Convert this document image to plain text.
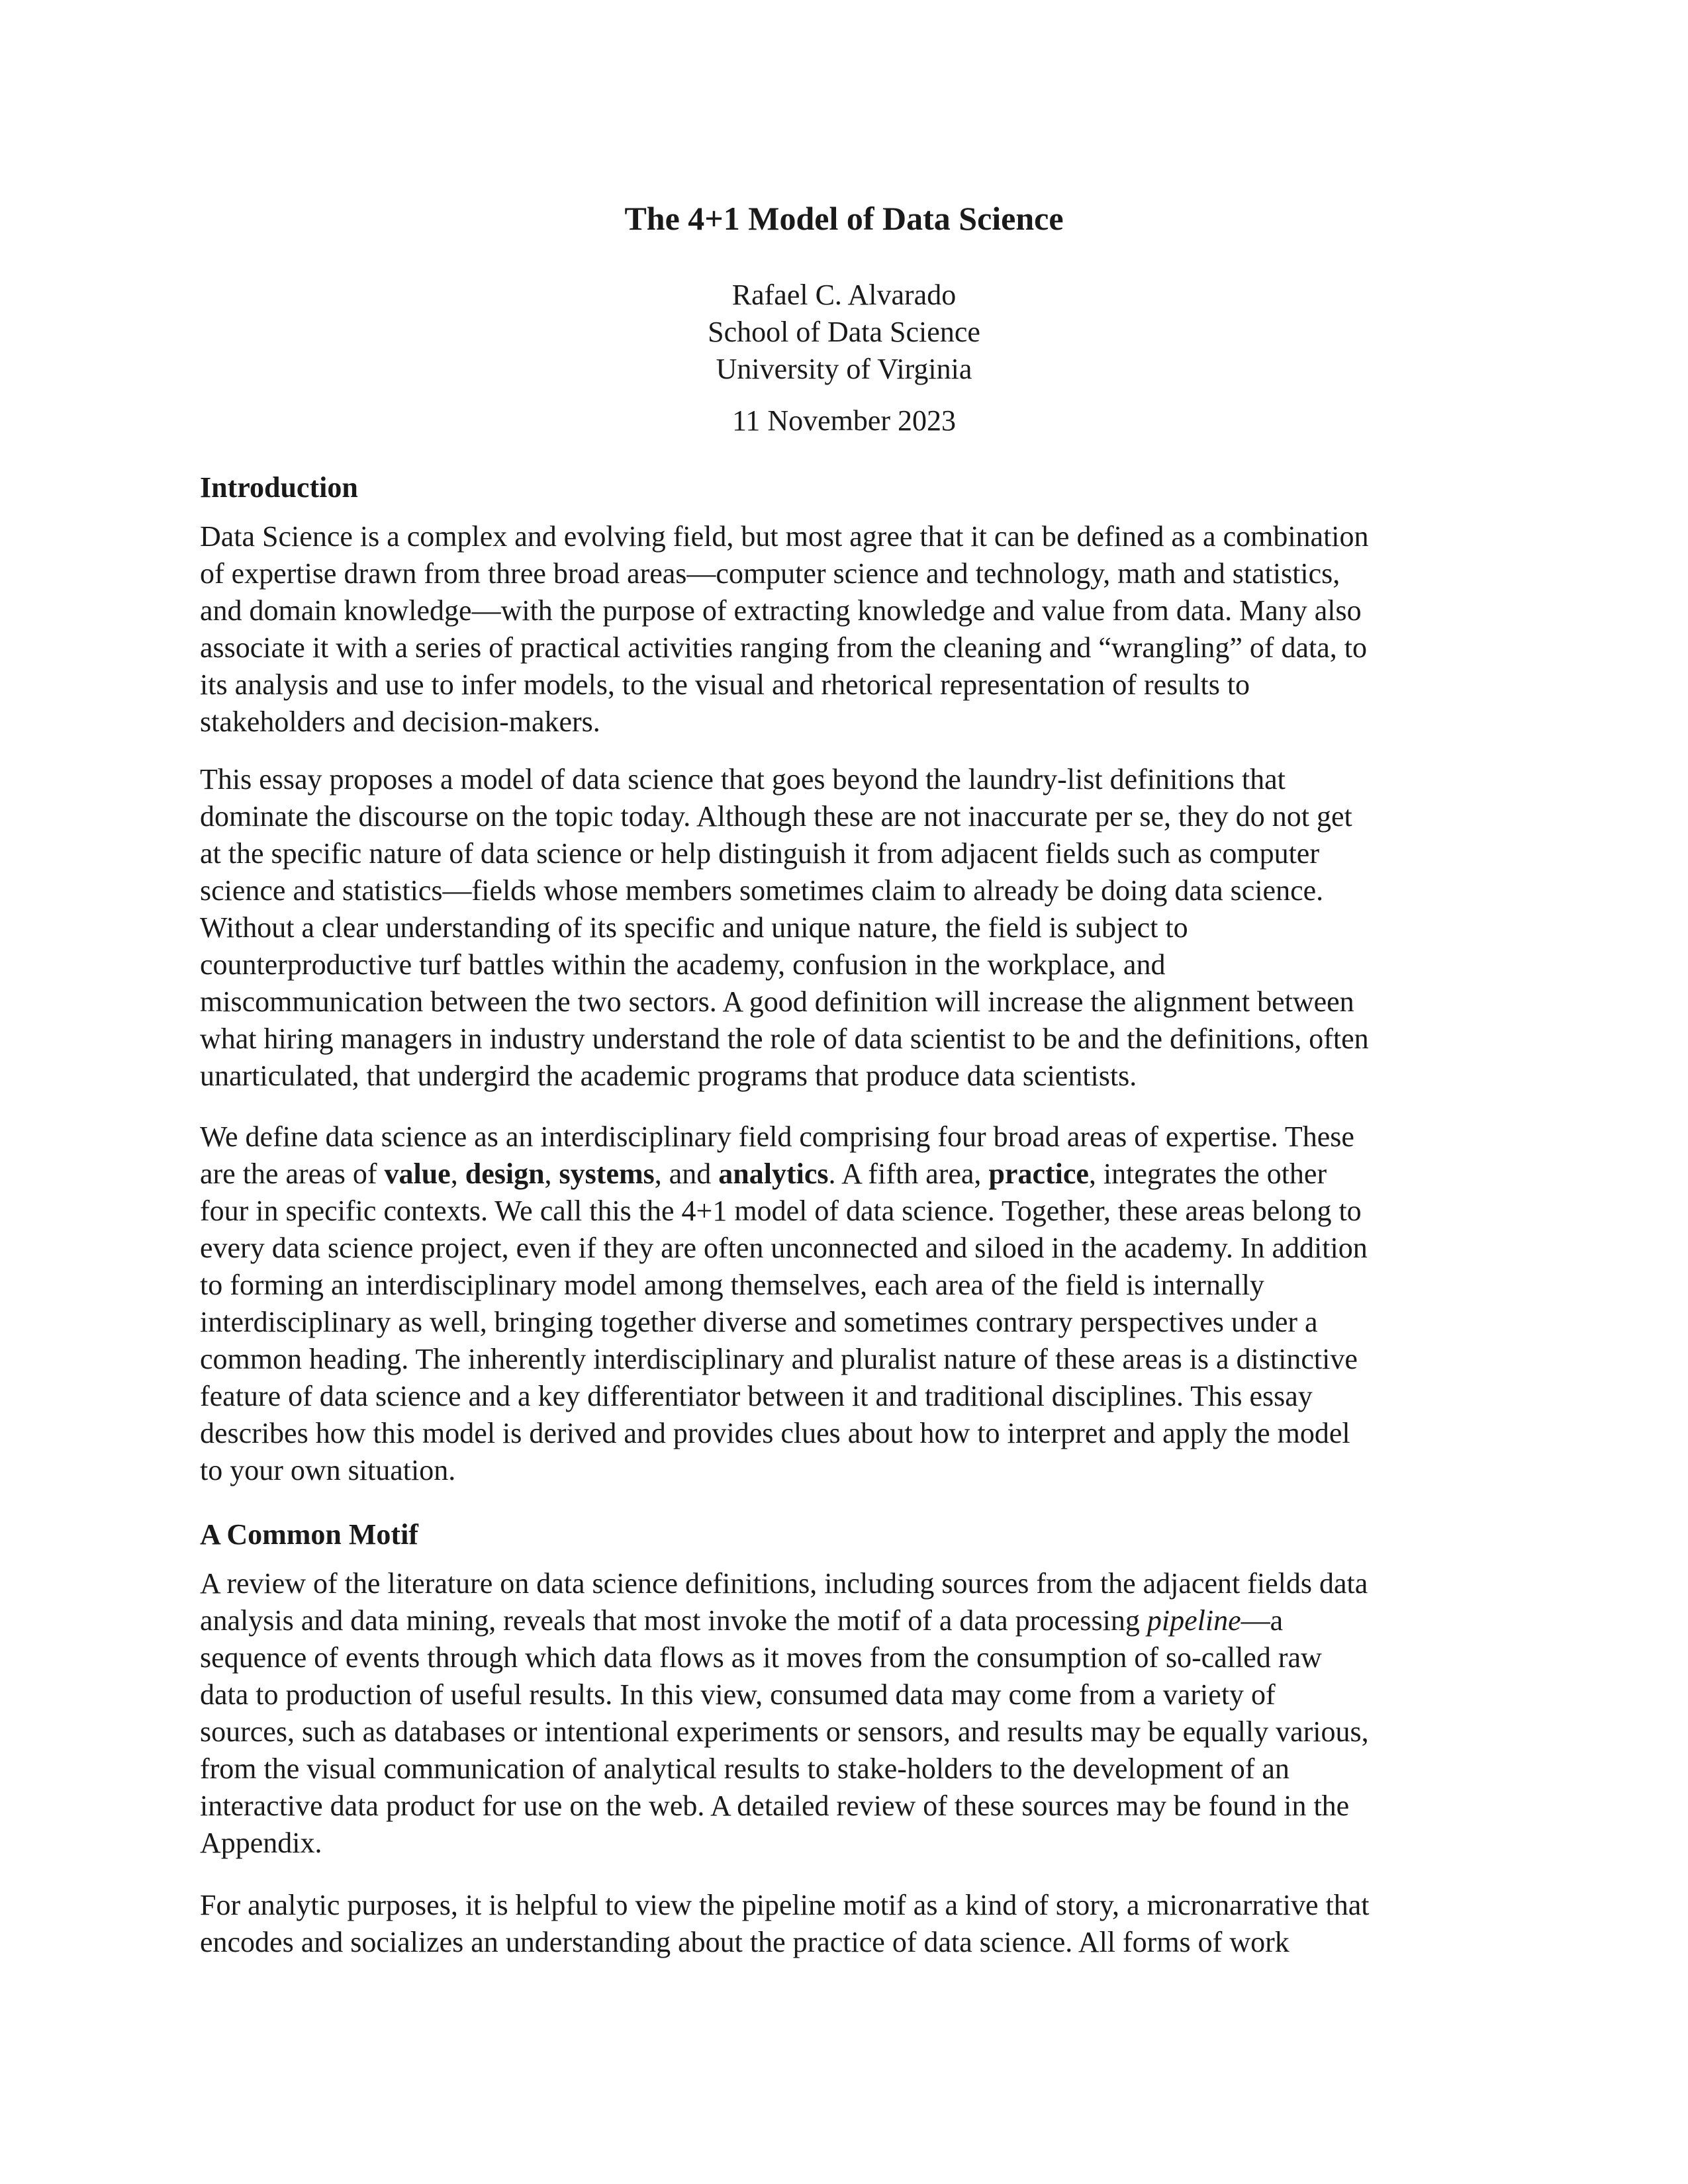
The 4+1 Model of Data Science
Rafael C. Alvarado
School of Data Science
University of Virginia
11 November 2023
Introduction
Data Science is a complex and evolving field, but most agree that it can be defined as a combination
of expertise drawn from three broad areas—computer science and technology, math and statistics,
and domain knowledge—with the purpose of extracting knowledge and value from data. Many also
associate it with a series of practical activities ranging from the cleaning and “wrangling” of data, to
its analysis and use to infer models, to the visual and rhetorical representation of results to
stakeholders and decision-makers.
This essay proposes a model of data science that goes beyond the laundry-list definitions that
dominate the discourse on the topic today. Although these are not inaccurate per se, they do not get
at the specific nature of data science or help distinguish it from adjacent fields such as computer
science and statistics—fields whose members sometimes claim to already be doing data science.
Without a clear understanding of its specific and unique nature, the field is subject to
counterproductive turf battles within the academy, confusion in the workplace, and
miscommunication between the two sectors. A good definition will increase the alignment between
what hiring managers in industry understand the role of data scientist to be and the definitions, often
unarticulated, that undergird the academic programs that produce data scientists.
We define data science as an interdisciplinary field comprising four broad areas of expertise. These
are the areas of value, design, systems, and analytics. A fifth area, practice, integrates the other
four in specific contexts. We call this the 4+1 model of data science. Together, these areas belong to
every data science project, even if they are often unconnected and siloed in the academy. In addition
to forming an interdisciplinary model among themselves, each area of the field is internally
interdisciplinary as well, bringing together diverse and sometimes contrary perspectives under a
common heading. The inherently interdisciplinary and pluralist nature of these areas is a distinctive
feature of data science and a key differentiator between it and traditional disciplines. This essay
describes how this model is derived and provides clues about how to interpret and apply the model
to your own situation.
A Common Motif
A review of the literature on data science definitions, including sources from the adjacent fields data
analysis and data mining, reveals that most invoke the motif of a data processing pipeline—a
sequence of events through which data flows as it moves from the consumption of so-called raw
data to production of useful results. In this view, consumed data may come from a variety of
sources, such as databases or intentional experiments or sensors, and results may be equally various,
from the visual communication of analytical results to stake-holders to the development of an
interactive data product for use on the web. A detailed review of these sources may be found in the
Appendix.
For analytic purposes, it is helpful to view the pipeline motif as a kind of story, a micronarrative that
encodes and socializes an understanding about the practice of data science. All forms of work
